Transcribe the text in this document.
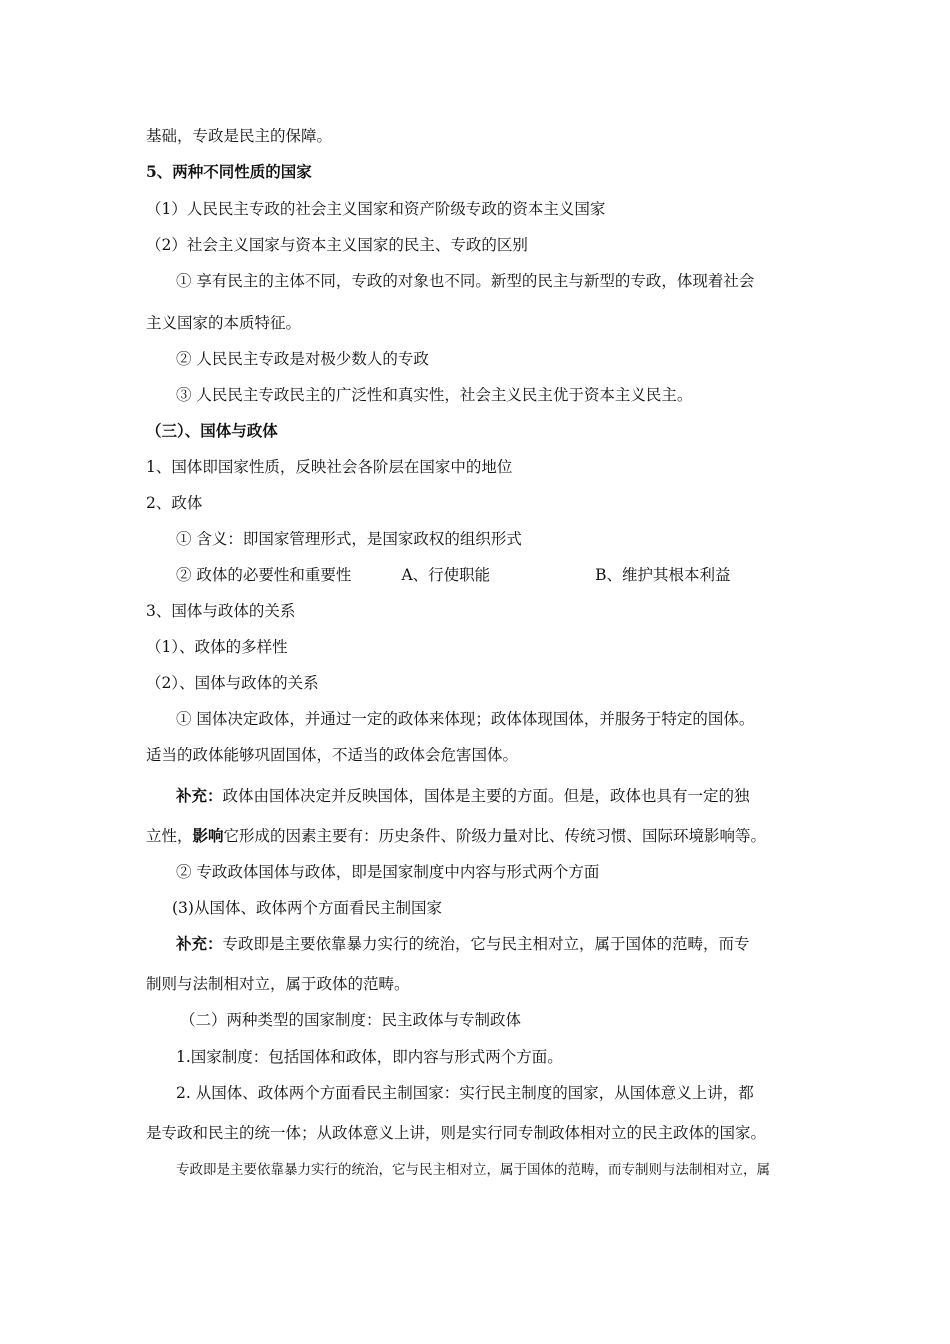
基础，专政是民主的保障。
5、两种不同性质的国家
（1）人民民主专政的社会主义国家和资产阶级专政的资本主义国家
（2）社会主义国家与资本主义国家的民主、专政的区别
① 享有民主的主体不同，专政的对象也不同。新型的民主与新型的专政，体现着社会
主义国家的本质特征。
② 人民民主专政是对极少数人的专政
③ 人民民主专政民主的广泛性和真实性，社会主义民主优于资本主义民主。
（三）、国体与政体
1、国体即国家性质，反映社会各阶层在国家中的地位
2、政体
① 含义：即国家管理形式，是国家政权的组织形式
② 政体的必要性和重要性	A、行使职能	B、维护其根本利益
3、国体与政体的关系
（1）、政体的多样性
（2）、国体与政体的关系
① 国体决定政体，并通过一定的政体来体现；政体体现国体，并服务于特定的国体。
适当的政体能够巩固国体，不适当的政体会危害国体。
补充：政体由国体决定并反映国体，国体是主要的方面。但是，政体也具有一定的独
立性，影响它形成的因素主要有：历史条件、阶级力量对比、传统习惯、国际环境影响等。
② 专政政体国体与政体，即是国家制度中内容与形式两个方面
(3)从国体、政体两个方面看民主制国家
补充：专政即是主要依靠暴力实行的统治，它与民主相对立，属于国体的范畴，而专
制则与法制相对立，属于政体的范畴。
（二）两种类型的国家制度：民主政体与专制政体
1.国家制度：包括国体和政体，即内容与形式两个方面。
2. 从国体、政体两个方面看民主制国家：实行民主制度的国家，从国体意义上讲，都
是专政和民主的统一体；从政体意义上讲，则是实行同专制政体相对立的民主政体的国家。
专政即是主要依靠暴力实行的统治，它与民主相对立，属于国体的范畴，而专制则与法制相对立，属
